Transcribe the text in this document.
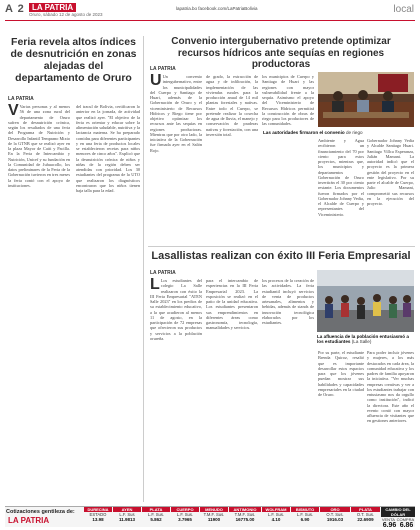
A 2 LA PATRIA
Oruro, sábado 12 de agosto de 2023
lapatria.bo facebook.com/LaPatriaBolivia	local
Feria revela altos índices de desnutrición en zonas alejadas del departamento de Oruro
LA PATRIA
V Varias personas y al menos 56 de una zona rural del departamento de Oruro sufren de desnutrición crónica, según los resultados de una feria del Programa de Nutrición y Desarrollo Infantil Temprano Mixto de la GTNB que se realizó ayer en la plaza Mayor de Caiti y Pacilla. En la Feria de Intercambio y Nutrición, Unicef y su fundación en la Comunidad de Juhuacollo, los datos preliminares de la Feria de la Gobernación tuvieron en tres meses la feria contó con el apoyo de instituciones.
del tracul de Bolivia, certificaron lo anterior en la jornada, de actividad que realizó ayer. "El objetivo de la feria es orientar y educar sobre la alimentación saludable, nutritiva y la lactancia materna. Se ha preparado comidas para diferentes participantes y en una feria de productos locales se establecieron recetas para niños menores de cinco años". Explicó que la desnutrición crónica de niños y niñas de la región deben ser atendidas con prioridad. Los 30 estudiantes del programa de la UTO que realizaron los diagnósticos encontraron que los niños tienen baja talla para la edad.
Convenio intergubernativo pretende optimizar recursos hídricos ante sequías en regiones productoras
LA PATRIA
U Un convenio intergubernativo, entre los municipalidades del Cuerpo y Santiago de Huari, además de la Gobernación de Oruro y el viceministerio de Recursos Hídricos y Riego tiene por objetivo optimizar los recursos ante las sequías en regiones productoras. Mientras que por otro lado, la iniciativa de la Gobernación fue firmada ayer en el Salón Rojo.
de grado, la extracción de agua y de infiltración, la implementación de las viviendas rurales para la producción anual de 14 mil plantas forestales y nativas. Entre todo el Cuerpo, se pretende realizar la cosecha de agua de lluvia, el manejo y conservación de praderas nativas y forestación, con una inversión total.
los municipios de Cuerpo y Santiago de Huari y las regiones con mayor vulnerabilidad frente a la sequía. Asimismo el apoyo del Viceministerio de Recursos Hídricos permitirá la construcción de obras de riego para los productores de las comunidades.
Las autoridades firmaron el convenio de riego
Ambiente y Agua recibieron un financiamiento del 70 por ciento para estos proyectos, mientras que, los municipios y departamentos Gobernación de Oruro invertirán el 30 por ciento restante. Los documentos fueron firmados por el Gobernador Johnny Vedia, el Alcalde de Cuerpo y representantes del Viceministerio.
Gobernador Johnny Vedia y Alcalde Santiago Huari. Santiago Villca Esperanza, Julián Mamani. La autoridad indicó que el proyecto es la primera gestión del proyecto en el ente legislativo. Por su parte el alcalde de Cuerpo, Julio Mamani, comprometió sus recursos en la ejecución del proyecto.
Lasallistas realizan con éxito III Feria Empresarial
LA PATRIA
L Los estudiantes del colegio La Salle realizaron con éxito la III Feria Empresarial "ATEN Salle 2023" en los predios de su establecimiento educativo, a la que acudieron al menos 11 de agosto, en la participación de 72 empresas que ofrecieron sus productos y servicios a la población orureña.
para el intercambio de experiencias en la III Feria Empresarial 2023. La exposición se realizó en el patio de la unidad educativa. Los estudiantes presentaron sus emprendimientos en diferentes áreas como gastronomía, tecnología, manualidades y servicios.
los procesos de la creación de las actividades. La feria estudiantil incluyó servicios de venta de productos artesanales, alimentos y bebidas, además de stands de innovación tecnológica elaborados por los estudiantes.
La afluencia de la población entusiasmó a los estudiantes (La Salle)
Por su parte, el estudiante Brenda Quiroz, resaltó que es importante desarrollar estos espacios para que los jóvenes puedan mostrar sus habilidades y capacidades empresariales en la ciudad de Oruro.
Para poder incluir jóvenes y mujeres, a los más destacados en cada área, la comunidad educativa y los padres de familia apoyaron la iniciativa. "Ver muchas empresas creativas y ver a los estudiantes trabajar con entusiasmo nos da orgullo como institución", indicó la directora. Este año el evento contó con mayor afluencia de visitantes que en gestiones anteriores.
Cotizaciones gentileza de:
LA PATRIA
DURECINA
ESTADO
13.98
AYEN
L.F. Sus
11.9813
PLATA
L.F. Sus.
5.862
CUERPO
L.F. Sus.
3.7965
MENUDO
T.M.F. Sus.
11900
ANTIMONIO
T.M.F. Sus.
16775.00
WOLFRAM
L.F. Sus.
4.10
BISMUTO
L.F. Sus.
6.90
ORO
O.T. Sus.
1916.03
PLATA
O.T. Sus.
22.6909
CAMBIO DEL DÓLAR
VENTA COMPRA
6.96 6.86
